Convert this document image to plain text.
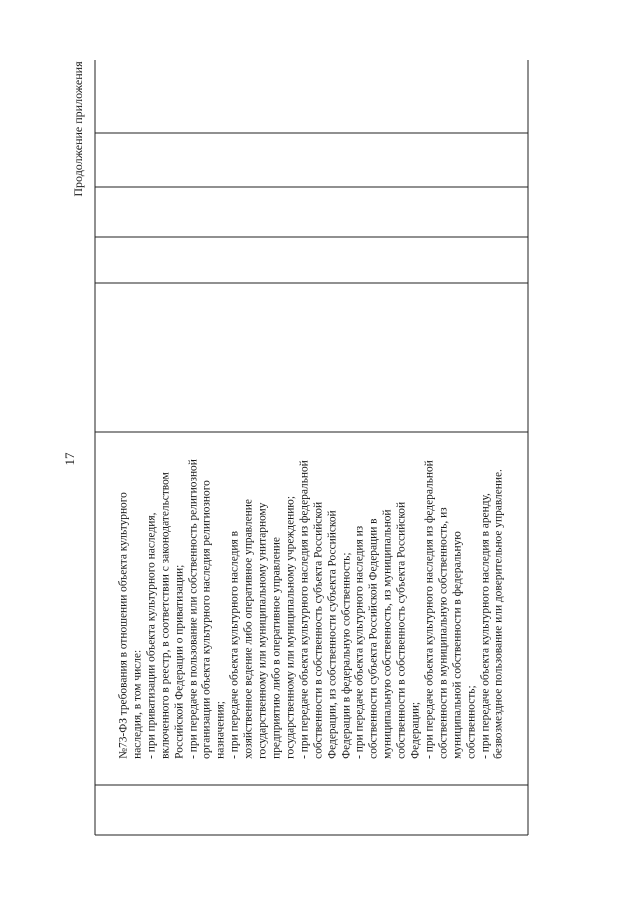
17
Продолжение приложения
№73-ФЗ требования в отношении объекта культурного наследия, в том числе: - при приватизации объекта культурного наследия, включенного в реестр, в соответствии с законодательством Российской Федерации о приватизации; - при передаче в пользование или собственность религиозной организации объекта культурного наследия религиозного назначения; - при передаче объекта культурного наследия в хозяйственное ведение либо оперативное управление государственному или муниципальному унитарному предприятию либо в оперативное управление государственному или муниципальному учреждению; - при передаче объекта культурного наследия из федеральной собственности в собственность субъекта Российской Федерации, из собственности субъекта Российской Федерации в федеральную собственность; - при передаче объекта культурного наследия из собственности субъекта Российской Федерации в муниципальную собственность, из муниципальной собственности в собственность субъекта Российской Федерации; - при передаче объекта культурного наследия из федеральной собственности в муниципальную собственность, из муниципальной собственности в федеральную собственность; - при передаче объекта культурного наследия в аренду, безвозмездное пользование или доверительное управление.
